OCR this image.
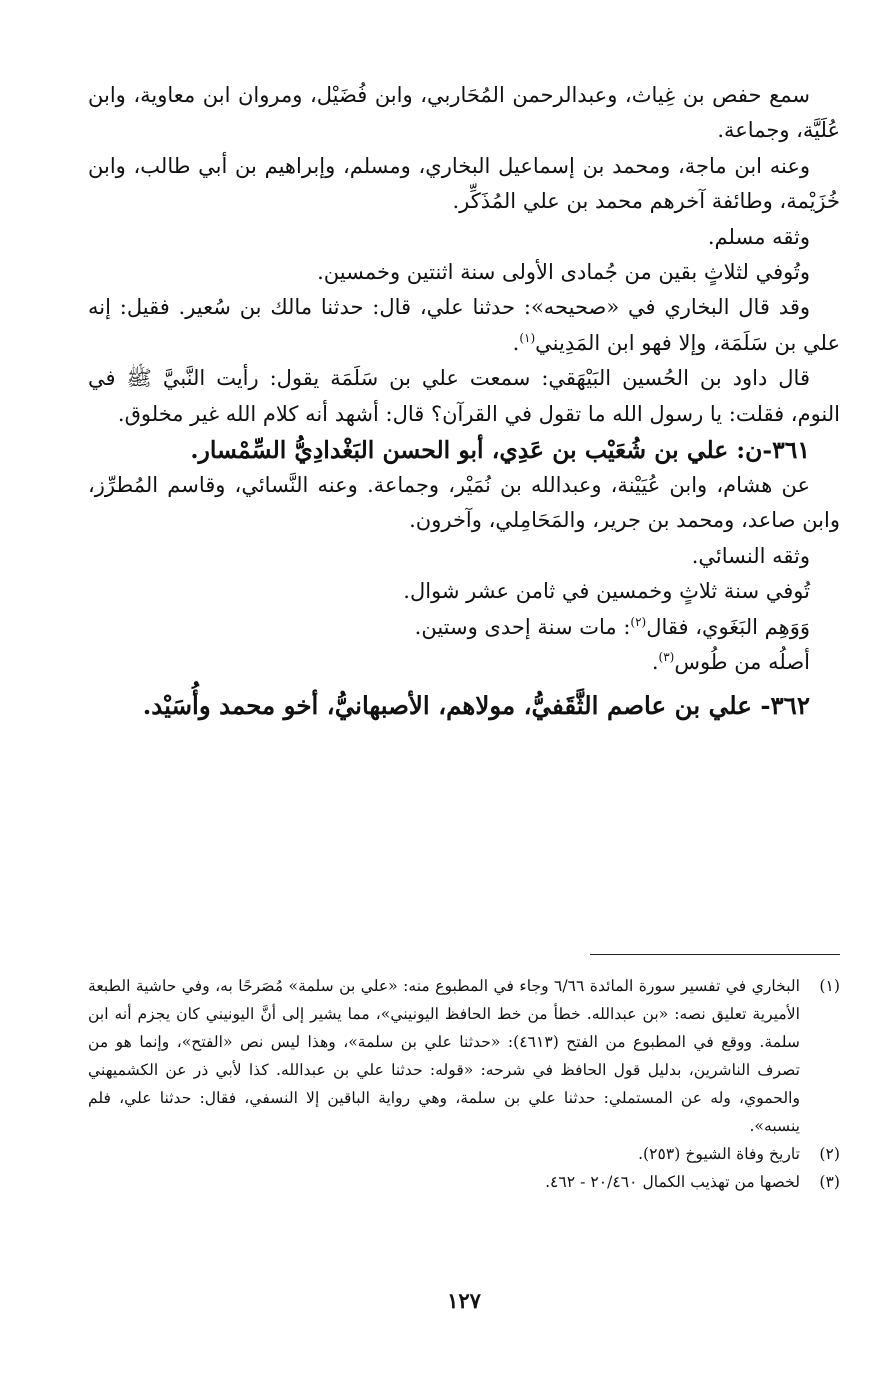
سمع حفص بن غِياث، وعبدالرحمن المُحَاربي، وابن فُضَيْل، ومروان ابن معاوية، وابن عُلَيَّة، وجماعة.

وعنه ابن ماجة، ومحمد بن إسماعيل البخاري، ومسلم، وإبراهيم بن أبي طالب، وابن خُزَيْمة، وطائفة آخرهم محمد بن علي المُذَكِّر.

وثقه مسلم.

وتُوفي لثلاثٍ بقين من جُمادى الأولى سنة اثنتين وخمسين.

وقد قال البخاري في «صحيحه»: حدثنا علي، قال: حدثنا مالك بن سُعير. فقيل: إنه علي بن سَلَمَة، وإلا فهو ابن المَدِيني$^{(١)}$.

قال داود بن الحُسين البَيْهَقي: سمعت علي بن سَلَمَة يقول: رأيت النَّبيَّ ﷺ في النوم، فقلت: يا رسول الله ما تقول في القرآن؟ قال: أشهد أنه كلام الله غير مخلوق.

٣٦١-ن: علي بن شُعَيْب بن عَدِي، أبو الحسن البَغْدادِيُّ السِّمْسار.

عن هشام، وابن عُيَيْنة، وعبدالله بن نُمَيْر، وجماعة. وعنه النَّسائي، وقاسم المُطرِّز، وابن صاعد، ومحمد بن جرير، والمَحَامِلي، وآخرون.

وثقه النسائي.

تُوفي سنة ثلاثٍ وخمسين في ثامن عشر شوال.

وَوَهِم البَغَوي، فقال$^{(٢)}$: مات سنة إحدى وستين.

أصلُه من طُوس$^{(٣)}$.

٣٦٢- علي بن عاصم الثَّقَفيُّ، مولاهم، الأصبهانيُّ، أخو محمد وأُسَيْد.

(١)
البخاري في تفسير سورة المائدة ٦/٦٦ وجاء في المطبوع منه: «علي بن سلمة» مُصَرحًا به، وفي حاشية الطبعة الأميرية تعليق نصه: «بن عبدالله. خطأ من خط الحافظ اليونيني»، مما يشير إلى أنَّ اليونيني كان يجزم أنه ابن سلمة. ووقع في المطبوع من الفتح (٤٦١٣): «حدثنا علي بن سلمة»، وهذا ليس نص «الفتح»، وإنما هو من تصرف الناشرين، بدليل قول الحافظ في شرحه: «قوله: حدثنا علي بن عبدالله. كذا لأبي ذر عن الكشميهني والحموي، وله عن المستملي: حدثنا علي بن سلمة، وهي رواية الباقين إلا النسفي، فقال: حدثنا علي، فلم ينسبه».
(٢)
تاريخ وفاة الشيوخ (٢٥٣).
(٣)
لخصها من تهذيب الكمال ٢٠/٤٦٠ - ٤٦٢.
١٢٧
